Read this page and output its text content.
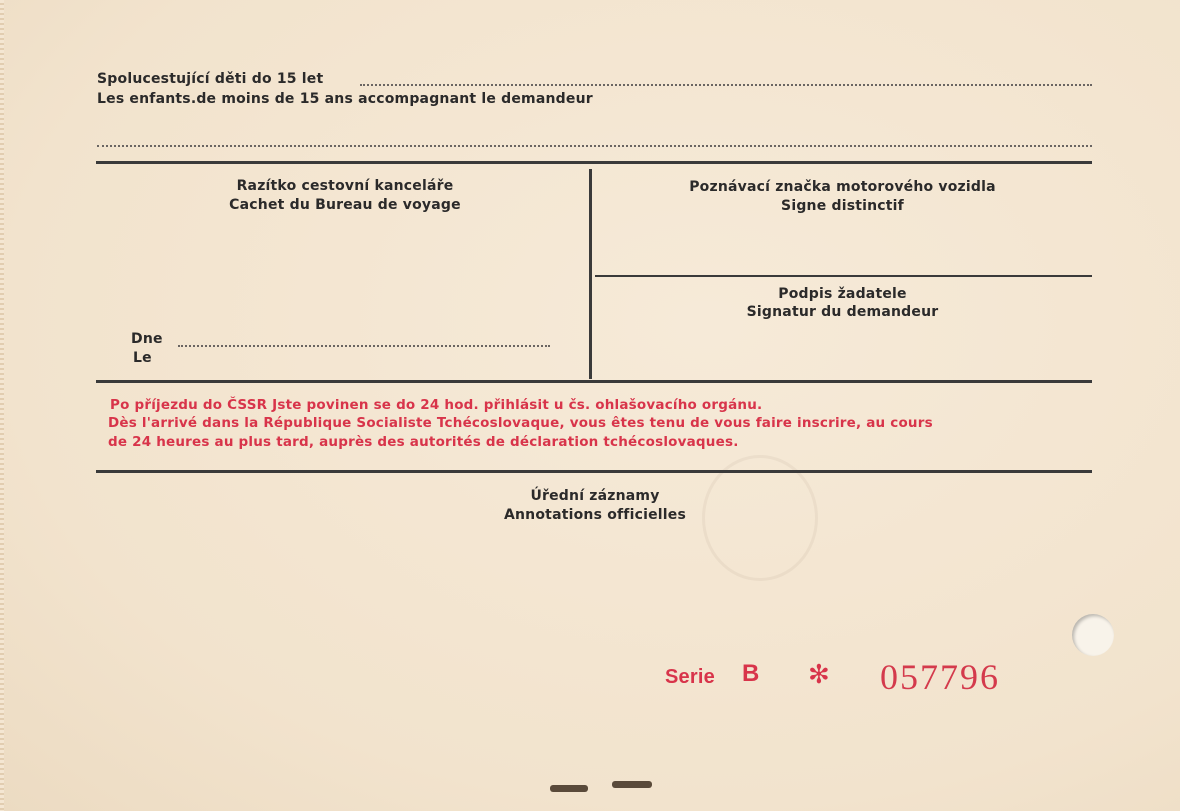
Spolucestující děti do 15 let
Les enfants.de moins de 15 ans accompagnant le demandeur
Razítko cestovní kanceláře
Cachet du Bureau de voyage
Dne
Le
Poznávací značka motorového vozidla
Signe distinctif
Podpis žadatele
Signatur du demandeur
Po příjezdu do ČSSR Jste povinen se do 24 hod. přihlásit u čs. ohlašovacího orgánu.
Dès l'arrivé dans la République Socialiste Tchécoslovaque, vous êtes tenu de vous faire inscrire, au cours
de 24 heures au plus tard, auprès des autorités de déclaration tchécoslovaques.
Úřední záznamy
Annotations officielles
Serie B ✻ 057796
